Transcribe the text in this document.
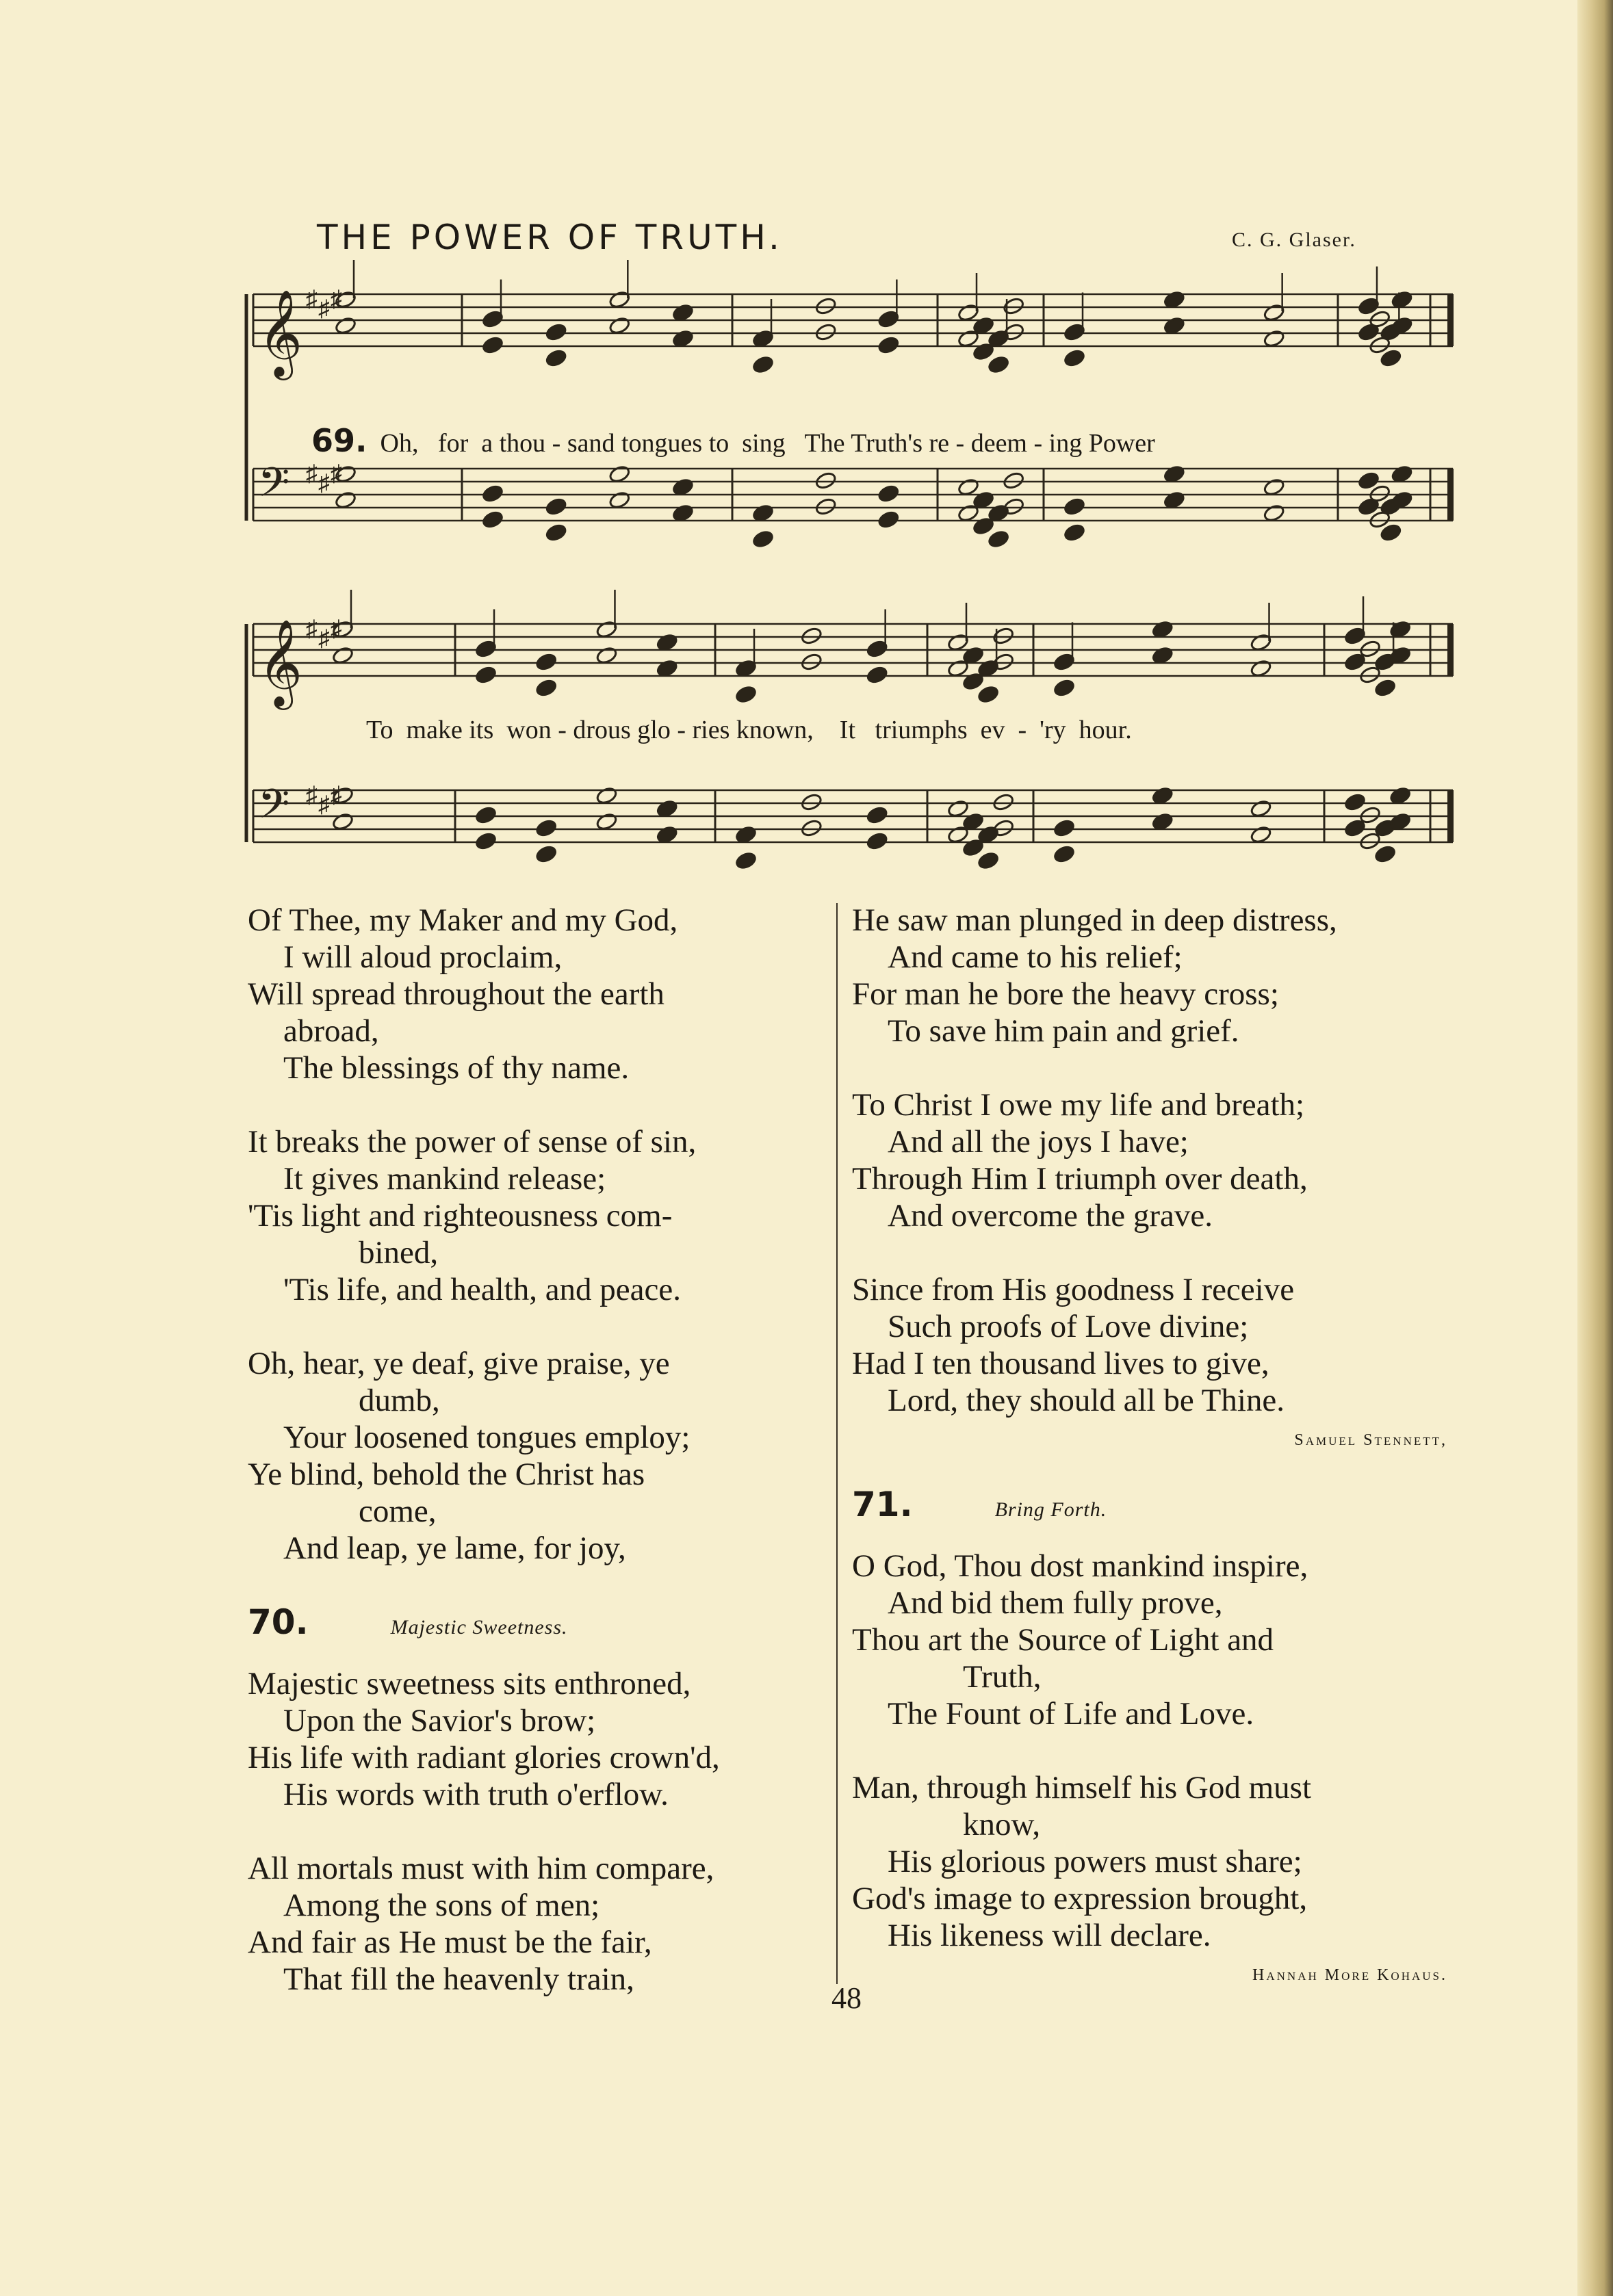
THE POWER OF TRUTH.	C. G. Glaser.
𝄞 ♯ ♯ ♯
𝄢 ♯ ♯ ♯

69. Oh,   for  a thou - sand tongues to  sing   The Truth's re - deem - ing Power

𝄞 ♯ ♯ ♯
𝄢 ♯ ♯ ♯
To  make its  won - drous glo - ries known,    It   triumphs  ev  -  'ry  hour.

Of Thee, my Maker and my God,

I will aloud proclaim,

Will spread throughout the earth

abroad,

The blessings of thy name.

It breaks the power of sense of sin,

It gives mankind release;

'Tis light and righteousness com-

bined,

'Tis life, and health, and peace.

Oh, hear, ye deaf, give praise, ye

dumb,

Your loosened tongues employ;

Ye blind, behold the Christ has

come,

And leap, ye lame, for joy,

70.	Majestic Sweetness.

Majestic sweetness sits enthroned,

Upon the Savior's brow;

His life with radiant glories crown'd,

His words with truth o'erflow.

All mortals must with him compare,

Among the sons of men;

And fair as He must be the fair,

That fill the heavenly train,

He saw man plunged in deep distress,

And came to his relief;

For man he bore the heavy cross;

To save him pain and grief.

To Christ I owe my life and breath;

And all the joys I have;

Through Him I triumph over death,

And overcome the grave.

Since from His goodness I receive

Such proofs of Love divine;

Had I ten thousand lives to give,

Lord, they should all be Thine.

Samuel Stennett,

71.	Bring Forth.

O God, Thou dost mankind inspire,

And bid them fully prove,

Thou art the Source of Light and

Truth,

The Fount of Life and Love.

Man, through himself his God must

know,

His glorious powers must share;

God's image to expression brought,

His likeness will declare.

Hannah More Kohaus.

48
